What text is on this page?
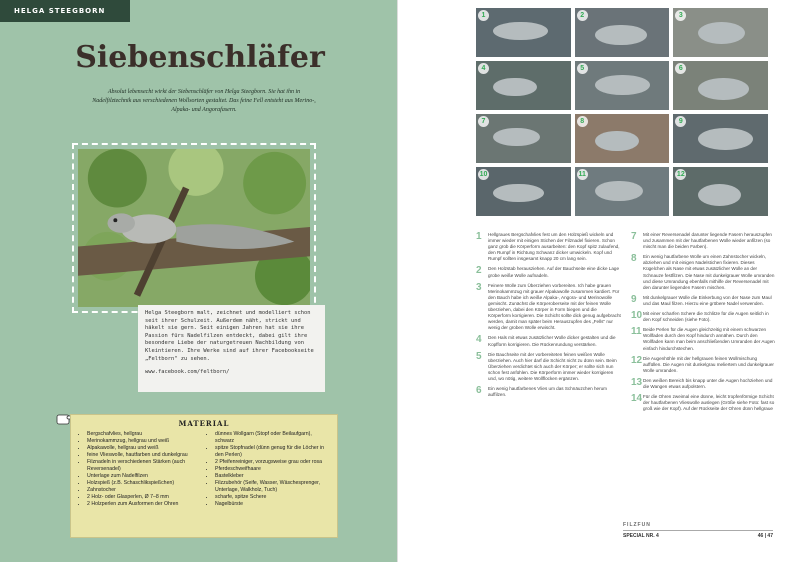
HELGA STEEGBORN
Siebenschläfer
Absolut lebensecht wirkt der Siebenschläfer von Helga Steegborn. Sie hat ihn in Nadelfilztechnik aus verschiedenen Wollsorten gestaltet. Das feine Fell entsteht aus Merino-, Alpaka- und Angorafasern.
Helga Steegborn malt, zeichnet und modelliert schon seit ihrer Schulzeit. Außerdem näht, strickt und häkelt sie gern. Seit einigen Jahren hat sie ihre Passion fürs Nadelfilzen entdeckt, dabei gilt ihre besondere Liebe der naturgetreuen Nachbildung von Kleintieren. Ihre Werke sind auf ihrer Facebookseite „Feltborn" zu sehen.
www.facebook.com/feltborn/
MATERIAL
• Bergschafvlies, hellgrau
• Merinokammzug, hellgrau und weiß
• Alpakawolle, hellgrau und weiß
• feine Vlieswolle, hautfarben und dunkelgrau
• Filznadeln in verschiedenen Stärken (auch Reversenadel)
• Unterlage zum Nadelfilzen
• Holzspieß (z.B. Schaschlikspießchen)
• Zahnstocher
• 2 Holz- oder Glasperlen, Ø 7–8 mm
• 2 Holzperlen zum Ausformen der Ohren
• dünnes Wollgarn (Stopf oder Beilaufgarn), schwarz
• spitze Stopfnadel (dünn genug für die Löcher in den Perlen)
• 2 Pfeifenreiniger, vorzugsweise grau oder rosa
• Pferdeschweifhaare
• Bastelkleber
• Filzzubehör (Seife, Wasser, Wäschesprenger, Unterlage, Walkholz, Tuch)
• scharfe, spitze Schere
• Nagelbürste
1	2	3
4	5	6
7	8	9
10	11	12
1	Hellgraues Bergschafvlies fest um den Holzspieß wickeln und immer wieder mit einigen Stichen der Filznadel fixieren. Schon ganz grob die Körperform ausarbeiten: den Kopf spitz zulaufend, den Rumpf in Richtung Schwanz dicker umwickeln. Kopf und Rumpf sollten insgesamt knapp 20 cm lang sein.
2	Den Holzstab herausziehen. Auf der Bauchseite eine dicke Lage grobe weiße Wolle aufnadeln.
3	Feinere Wolle zum Überziehen vorbereiten. Ich habe grauen Merinokammzug mit grauer Alpakawolle zusammen kardiert. Für den Bauch habe ich weiße Alpaka-, Angora- und Merinowolle gemischt. Zunächst die Körperoberseite mit der feinen Wolle überziehen, dabei den Körper in Form biegen und die Körperform korrigieren. Die Schicht sollte dick genug aufgebracht werden, damit man später beim Herauszupfen des „Fells" nur wenig der groben Wolle erwischt.
4	Den Hals mit etwas zusätzlicher Wolle dicker gestalten und die Kopfform korrigieren. Die Rückenrundung verstärken.
5	Die Bauchseite mit der vorbereiteten feinen weißen Wolle überziehen. Auch hier darf die Schicht nicht zu dünn sein. Beim Überziehen verdichtet sich auch der Körper; er sollte sich nun schon fest anfühlen. Die Körperform immer wieder korrigieren und, wo nötig, weitere Wollflocken ergänzen.
6	Ein wenig hautfarbenes Vlies um das Schnäuzchen herum auffilzen.
7	Mit einer Reversenadel darunter liegende Fasern herauszupfen und zusammen mit der hautfarbenen Wolle wieder anfilzen (so mischt man die beiden Farben).
8	Ein wenig hautfarbene Wolle um einen Zahnstocher wickeln, abziehen und mit einigen Nadelstichen fixieren. Dieses Kügelchen als Nase mit etwas zusätzlicher Wolle an der Schnauze festfilzen. Die Nase mit dunkelgrauer Wolle umranden und diese Umrandung ebenfalls mithilfe der Reversenadel mit den darunter liegenden Fasern mischen.
9	Mit dunkelgrauer Wolle die Einkerbung von der Nase zum Maul und das Maul filzen. Hierzu eine gröbere Nadel verwenden.
10 Mit einer scharfen Schere die Schlitze für die Augen seitlich in den Kopf schneiden (siehe Foto).
11 Beide Perlen für die Augen gleichzeitig mit einem schwarzen Wollfaden durch den Kopf hindurch annähen. Durch den Wollfaden kann man beim anschließenden Umranden der Augen einfach hindurchstechen.
12 Die Augenhöhle mit der hellgrauen feinen Wollmischung auffüllen. Die Augen mit dunkelgrau meliertem und dunkelgrauer Wolle umranden.
13 Den weißen Bereich bis knapp unter die Augen hochziehen und die Wangen etwas aufpolstern.
14 Für die Ohren zweimal eine dünne, leicht tropfenförmige Schicht der hautfarbenen Vlieswolle auslegen (Größe siehe Foto: fast so groß wie der Kopf). Auf der Rückseite der Ohren dünn hellgraue
FILZFUN
SPECIAL NR. 4	46 | 47
